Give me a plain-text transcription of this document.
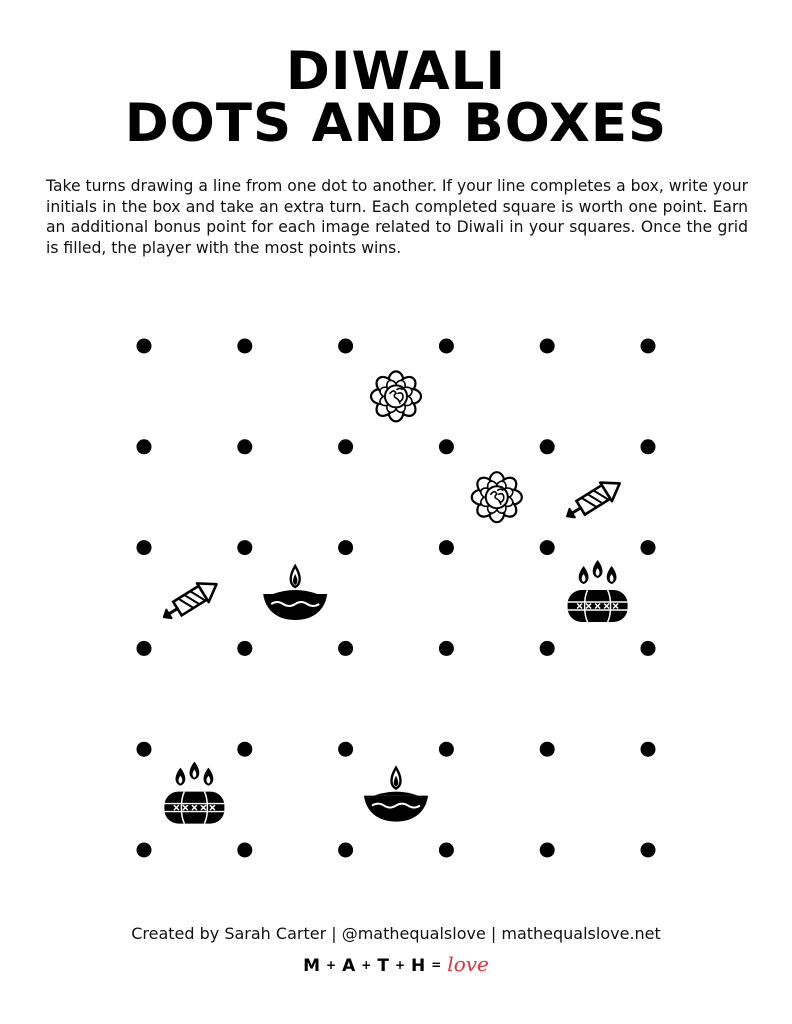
DIWALI
DOTS AND BOXES

Take turns drawing a line from one dot to another. If your line completes a box, write your initials in the box and take an extra turn. Each completed square is worth one point. Earn an additional bonus point for each image related to Diwali in your squares. Once the grid is filled, the player with the most points wins.

Created by Sarah Carter | @mathequalslove | mathequalslove.net
M + A + T + H = love
